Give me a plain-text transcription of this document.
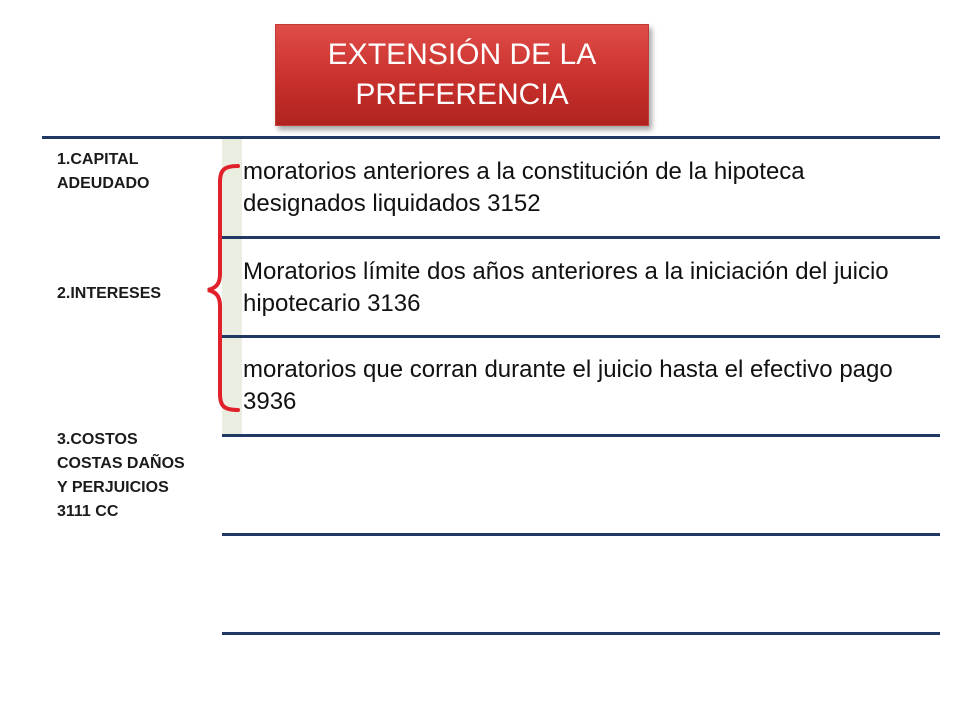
EXTENSIÓN DE LA PREFERENCIA
1.CAPITAL ADEUDADO
2.INTERESES
3.COSTOS COSTAS DAÑOS Y PERJUICIOS 3111 CC
moratorios anteriores a la constitución de la hipoteca designados liquidados 3152
Moratorios límite dos años anteriores a la iniciación del juicio hipotecario 3136
moratorios que corran durante el juicio hasta el efectivo pago 3936
